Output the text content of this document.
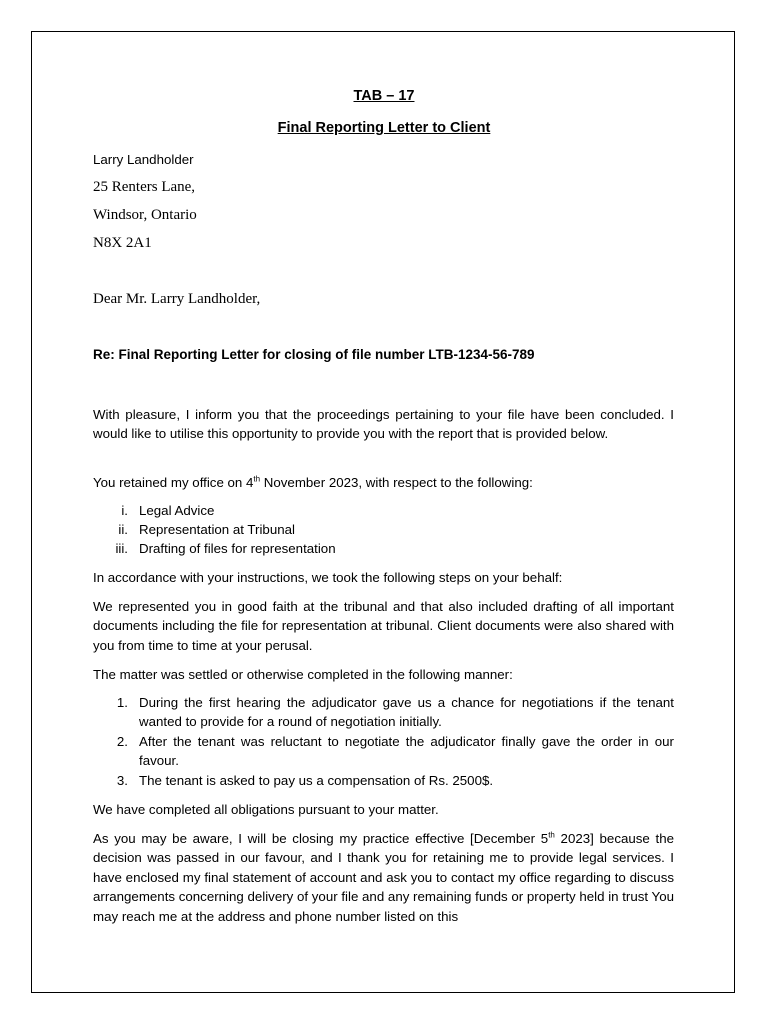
TAB – 17
Final Reporting Letter to Client
Larry Landholder
25 Renters Lane,
Windsor, Ontario
N8X 2A1
Dear Mr. Larry Landholder,
Re: Final Reporting Letter for closing of file number LTB-1234-56-789
With pleasure, I inform you that the proceedings pertaining to your file have been concluded. I would like to utilise this opportunity to provide you with the report that is provided below.
You retained my office on 4th November 2023, with respect to the following:
i. Legal Advice
ii. Representation at Tribunal
iii. Drafting of files for representation
In accordance with your instructions, we took the following steps on your behalf:
We represented you in good faith at the tribunal and that also included drafting of all important documents including the file for representation at tribunal. Client documents were also shared with you from time to time at your perusal.
The matter was settled or otherwise completed in the following manner:
1. During the first hearing the adjudicator gave us a chance for negotiations if the tenant wanted to provide for a round of negotiation initially.
2. After the tenant was reluctant to negotiate the adjudicator finally gave the order in our favour.
3. The tenant is asked to pay us a compensation of Rs. 2500$.
We have completed all obligations pursuant to your matter.
As you may be aware, I will be closing my practice effective [December 5th 2023] because the decision was passed in our favour, and I thank you for retaining me to provide legal services. I have enclosed my final statement of account and ask you to contact my office regarding to discuss arrangements concerning delivery of your file and any remaining funds or property held in trust You may reach me at the address and phone number listed on this
